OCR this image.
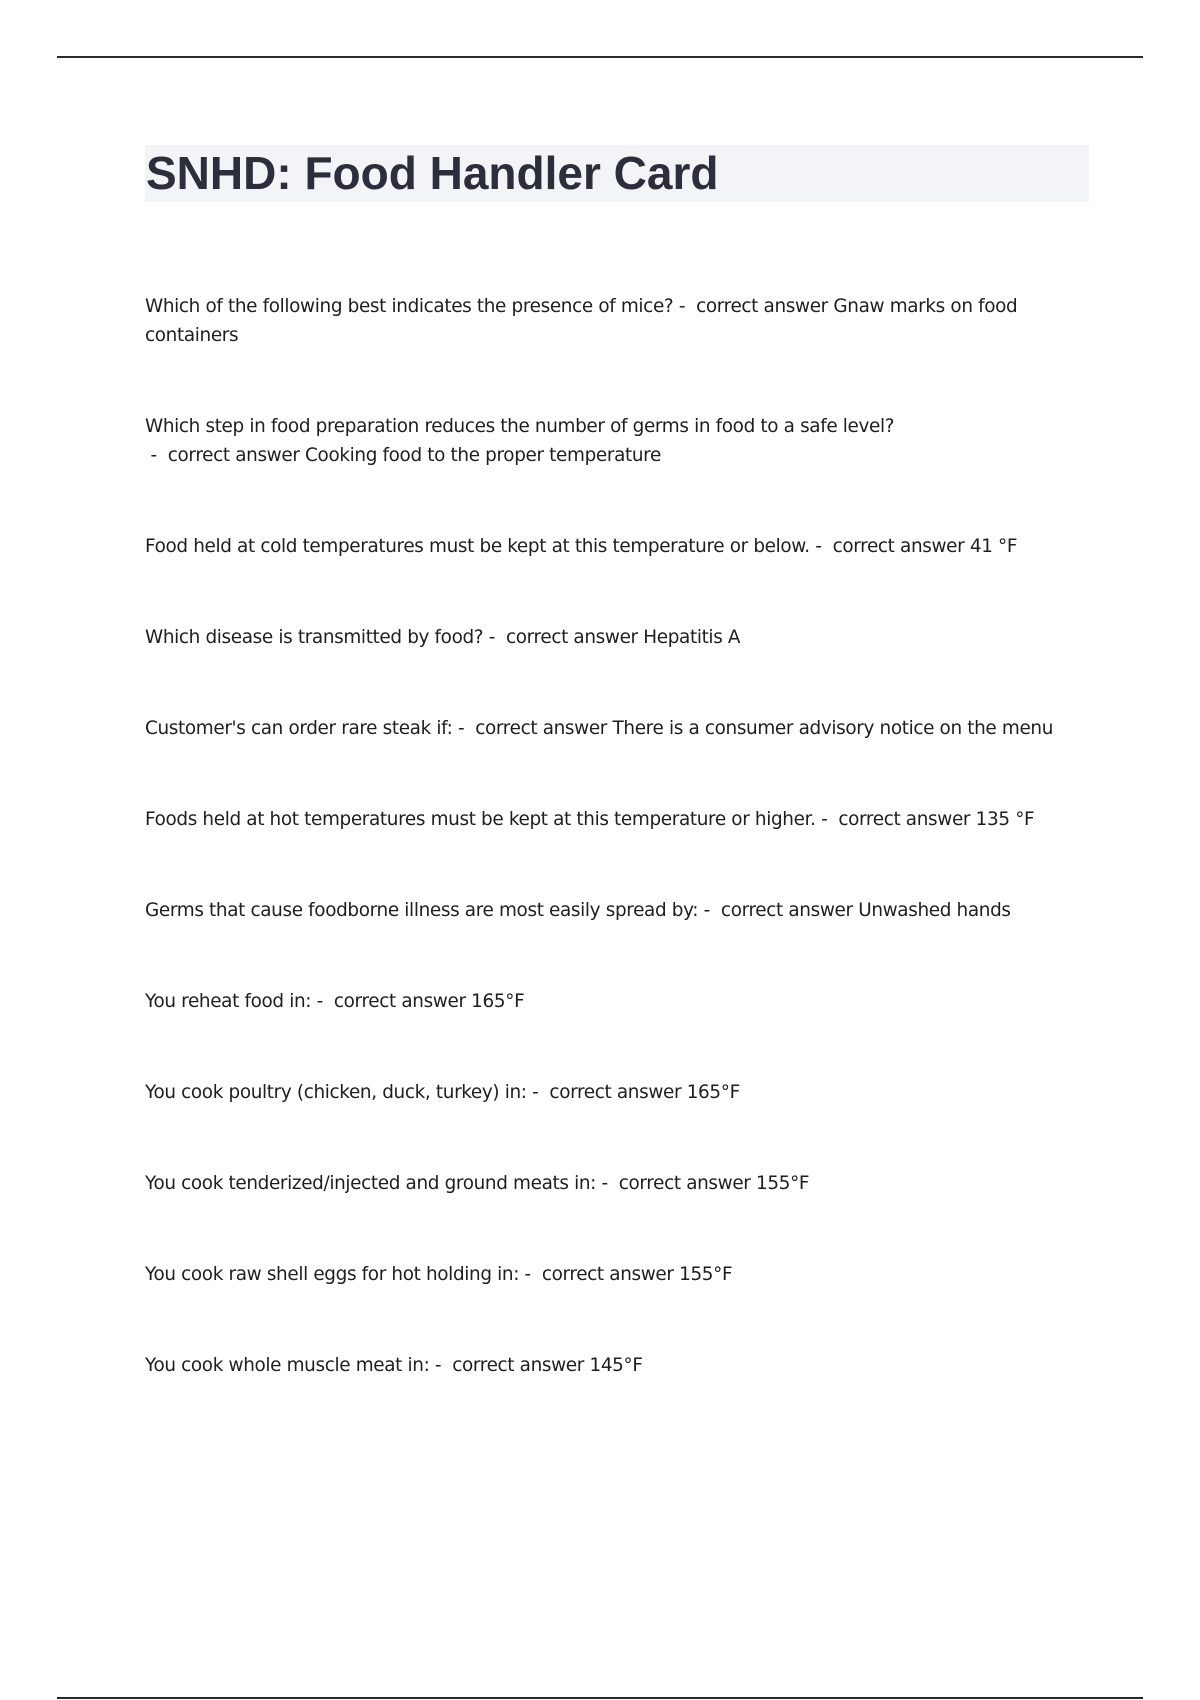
SNHD: Food Handler Card
Which of the following best indicates the presence of mice? -  correct answer Gnaw marks on food containers
Which step in food preparation reduces the number of germs in food to a safe level? -  correct answer Cooking food to the proper temperature
Food held at cold temperatures must be kept at this temperature or below. -  correct answer 41 °F
Which disease is transmitted by food? -  correct answer Hepatitis A
Customer's can order rare steak if: -  correct answer There is a consumer advisory notice on the menu
Foods held at hot temperatures must be kept at this temperature or higher. -  correct answer 135 °F
Germs that cause foodborne illness are most easily spread by: -  correct answer Unwashed hands
You reheat food in: -  correct answer 165°F
You cook poultry (chicken, duck, turkey) in: -  correct answer 165°F
You cook tenderized/injected and ground meats in: -  correct answer 155°F
You cook raw shell eggs for hot holding in: -  correct answer 155°F
You cook whole muscle meat in: -  correct answer 145°F
